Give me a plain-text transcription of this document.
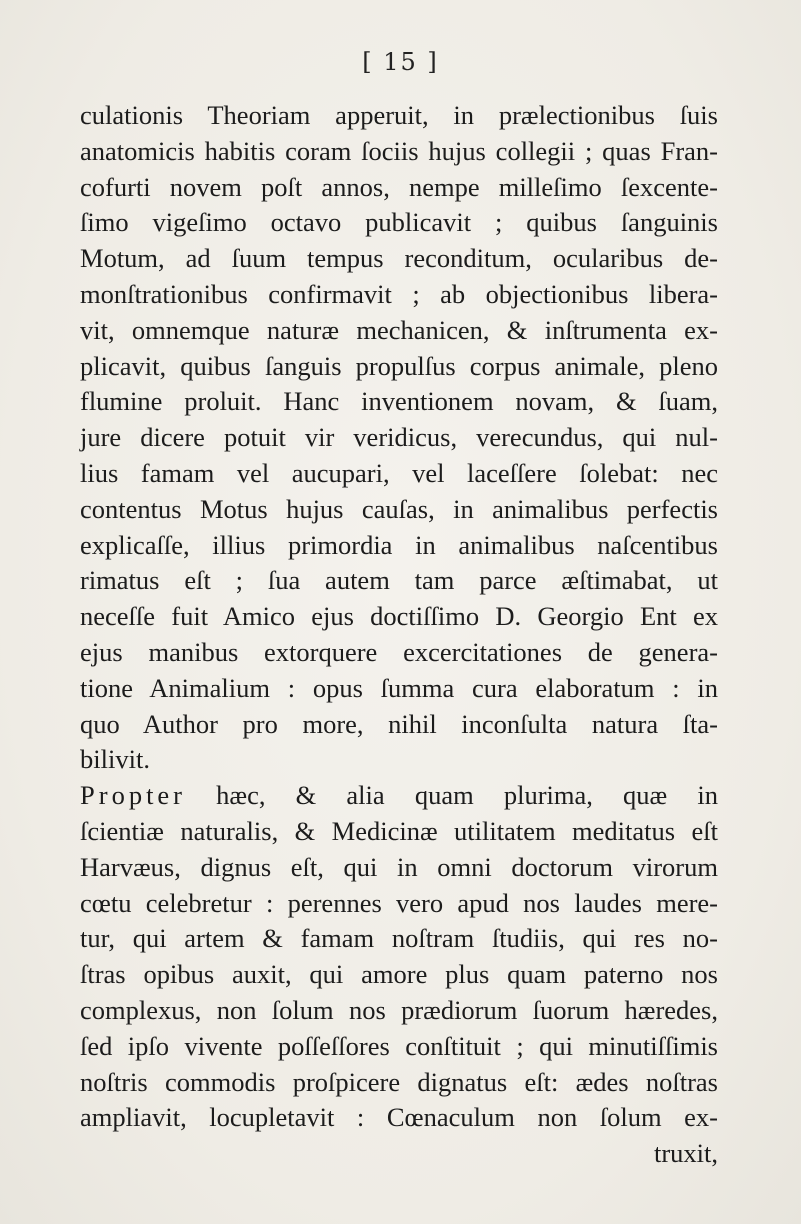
[ 15 ]
culationis Theoriam apperuit, in prælectionibus ſuis
anatomicis habitis coram ſociis hujus collegii ; quas Fran-
cofurti novem poſt annos, nempe milleſimo ſexcente-
ſimo vigeſimo octavo publicavit ; quibus ſanguinis
Motum, ad ſuum tempus reconditum, ocularibus de-
monſtrationibus confirmavit ; ab objectionibus libera-
vit, omnemque naturæ mechanicen, & inſtrumenta ex-
plicavit, quibus ſanguis propulſus corpus animale, pleno
flumine proluit. Hanc inventionem novam, & ſuam,
jure dicere potuit vir veridicus, verecundus, qui nul-
lius famam vel aucupari, vel laceſſere ſolebat: nec
contentus Motus hujus cauſas, in animalibus perfectis
explicaſſe, illius primordia in animalibus naſcentibus
rimatus eſt ; ſua autem tam parce æſtimabat, ut
neceſſe fuit Amico ejus doctiſſimo D. Georgio Ent ex
ejus manibus extorquere excercitationes de genera-
tione Animalium : opus ſumma cura elaboratum : in
quo Author pro more, nihil inconſulta natura ſta-
bilivit.
Propter hæc, & alia quam plurima, quæ in
ſcientiæ naturalis, & Medicinæ utilitatem meditatus eſt
Harvæus, dignus eſt, qui in omni doctorum virorum
cœtu celebretur : perennes vero apud nos laudes mere-
tur, qui artem & famam noſtram ſtudiis, qui res no-
ſtras opibus auxit, qui amore plus quam paterno nos
complexus, non ſolum nos prædiorum ſuorum hæredes,
ſed ipſo vivente poſſeſſores conſtituit ; qui minutiſſimis
noſtris commodis proſpicere dignatus eſt: ædes noſtras
ampliavit, locupletavit : Cœnaculum non ſolum ex-
truxit,
